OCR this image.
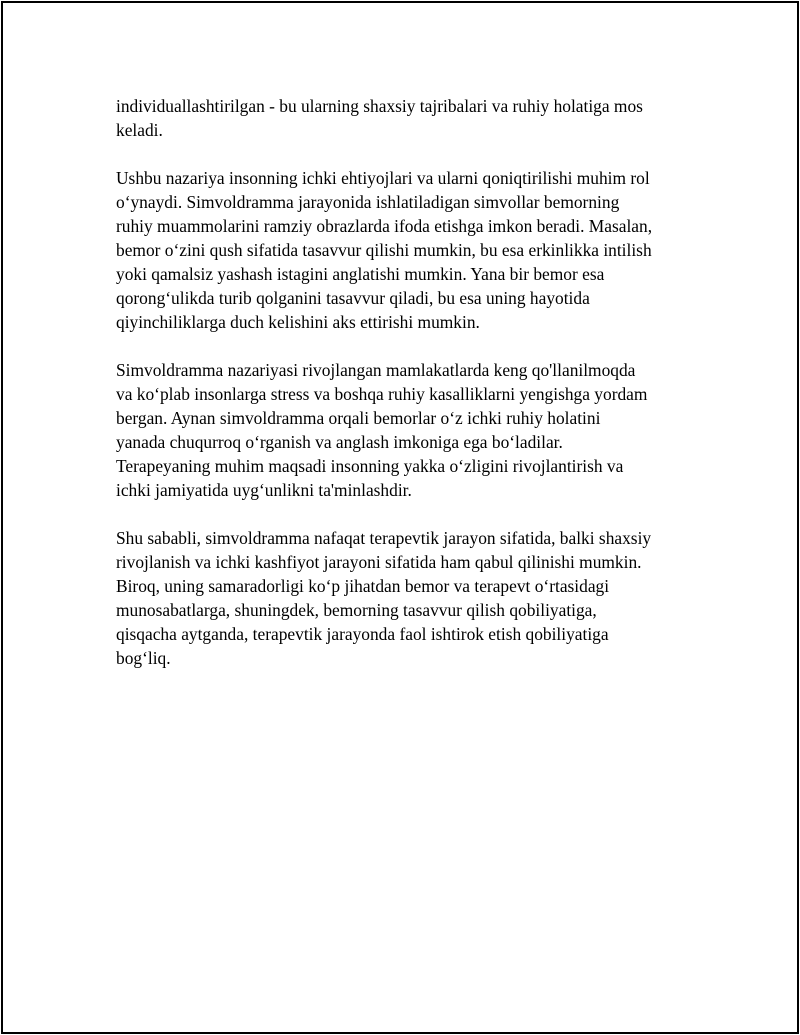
individuallashtirilgan - bu ularning shaxsiy tajribalari va ruhiy holatiga mos
keladi.

Ushbu nazariya insonning ichki ehtiyojlari va ularni qoniqtirilishi muhim rol
o‘ynaydi. Simvoldramma jarayonida ishlatiladigan simvollar bemorning
ruhiy muammolarini ramziy obrazlarda ifoda etishga imkon beradi. Masalan,
bemor o‘zini qush sifatida tasavvur qilishi mumkin, bu esa erkinlikka intilish
yoki qamalsiz yashash istagini anglatishi mumkin. Yana bir bemor esa
qorong‘ulikda turib qolganini tasavvur qiladi, bu esa uning hayotida
qiyinchiliklarga duch kelishini aks ettirishi mumkin.

Simvoldramma nazariyasi rivojlangan mamlakatlarda keng qo'llanilmoqda
va ko‘plab insonlarga stress va boshqa ruhiy kasalliklarni yengishga yordam
bergan. Aynan simvoldramma orqali bemorlar o‘z ichki ruhiy holatini
yanada chuqurroq o‘rganish va anglash imkoniga ega bo‘ladilar.
Terapeyaning muhim maqsadi insonning yakka o‘zligini rivojlantirish va
ichki jamiyatida uyg‘unlikni ta'minlashdir.

Shu sababli, simvoldramma nafaqat terapevtik jarayon sifatida, balki shaxsiy
rivojlanish va ichki kashfiyot jarayoni sifatida ham qabul qilinishi mumkin.
Biroq, uning samaradorligi ko‘p jihatdan bemor va terapevt o‘rtasidagi
munosabatlarga, shuningdek, bemorning tasavvur qilish qobiliyatiga,
qisqacha aytganda, terapevtik jarayonda faol ishtirok etish qobiliyatiga
bog‘liq.
